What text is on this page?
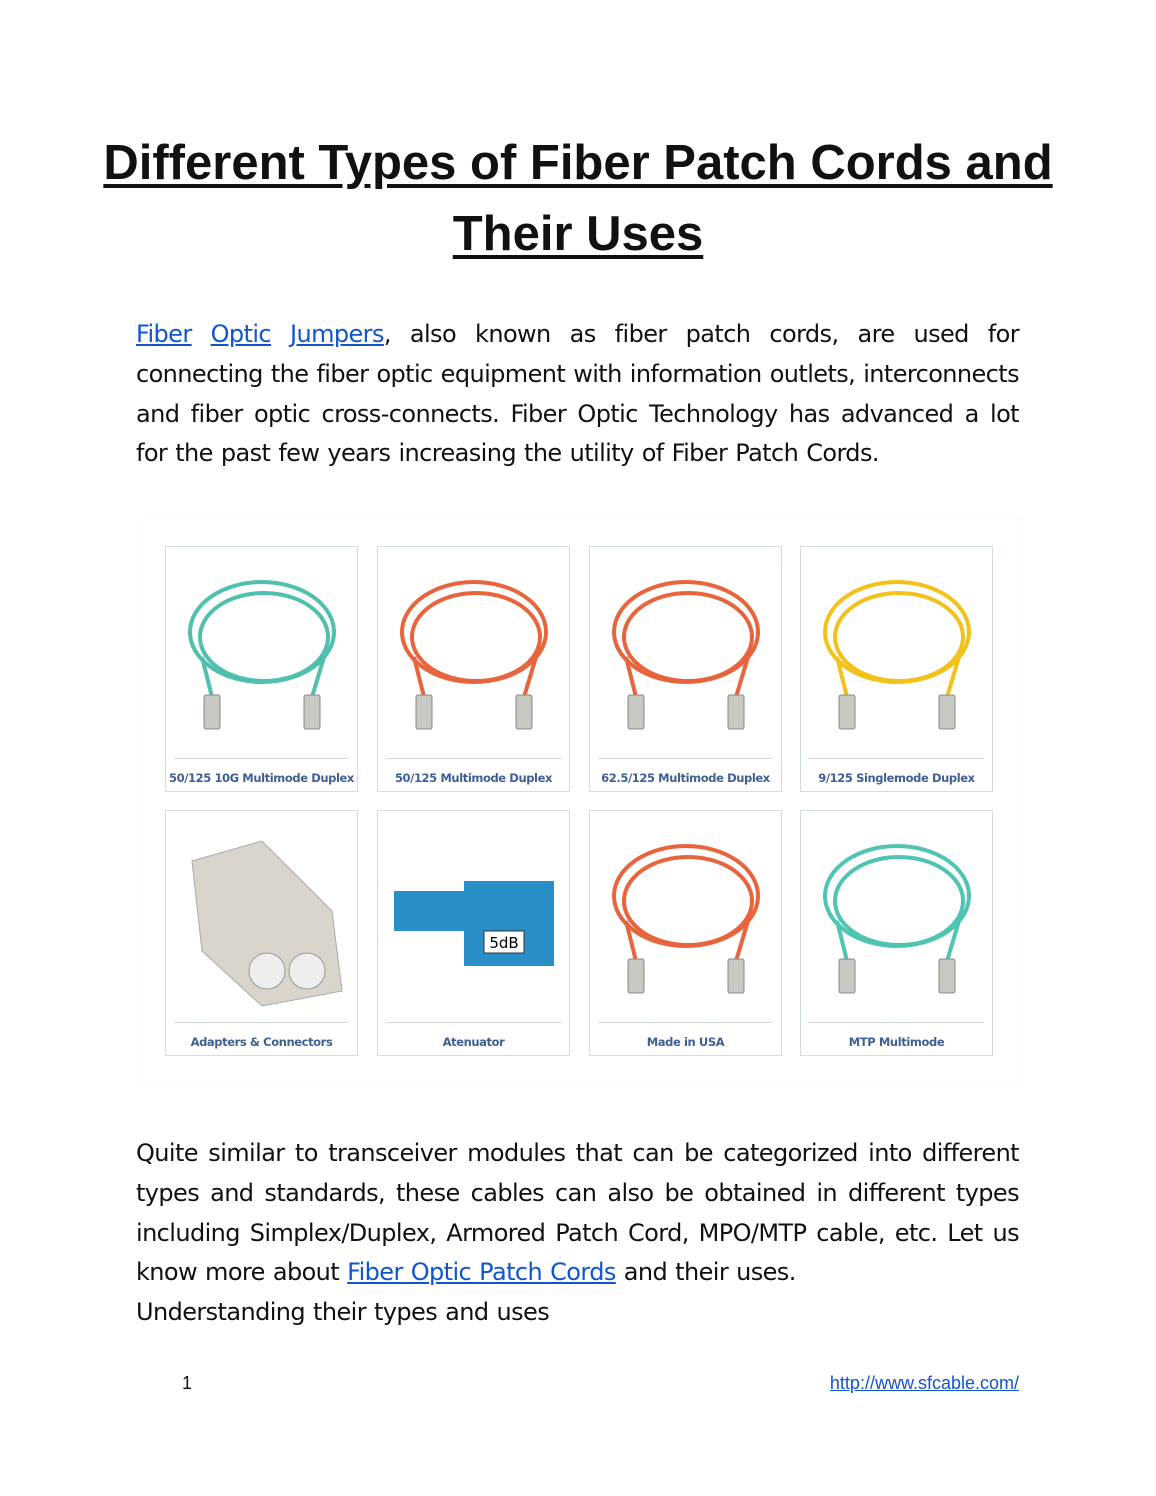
Different Types of Fiber Patch Cords and Their Uses

Fiber Optic Jumpers, also known as fiber patch cords, are used for connecting the fiber optic equipment with information outlets, interconnects and fiber optic cross-connects. Fiber Optic Technology has advanced a lot for the past few years increasing the utility of Fiber Patch Cords.

50/125 10G Multimode Duplex	50/125 Multimode Duplex	62.5/125 Multimode Duplex	9/125 Singlemode Duplex
Adapters & Connectors
5dB
Atenuator	Made in USA	MTP Multimode

Quite similar to transceiver modules that can be categorized into different types and standards, these cables can also be obtained in different types including Simplex/Duplex, Armored Patch Cord, MPO/MTP cable, etc. Let us know more about Fiber Optic Patch Cords and their uses.

Understanding their types and uses

1	http://www.sfcable.com/
